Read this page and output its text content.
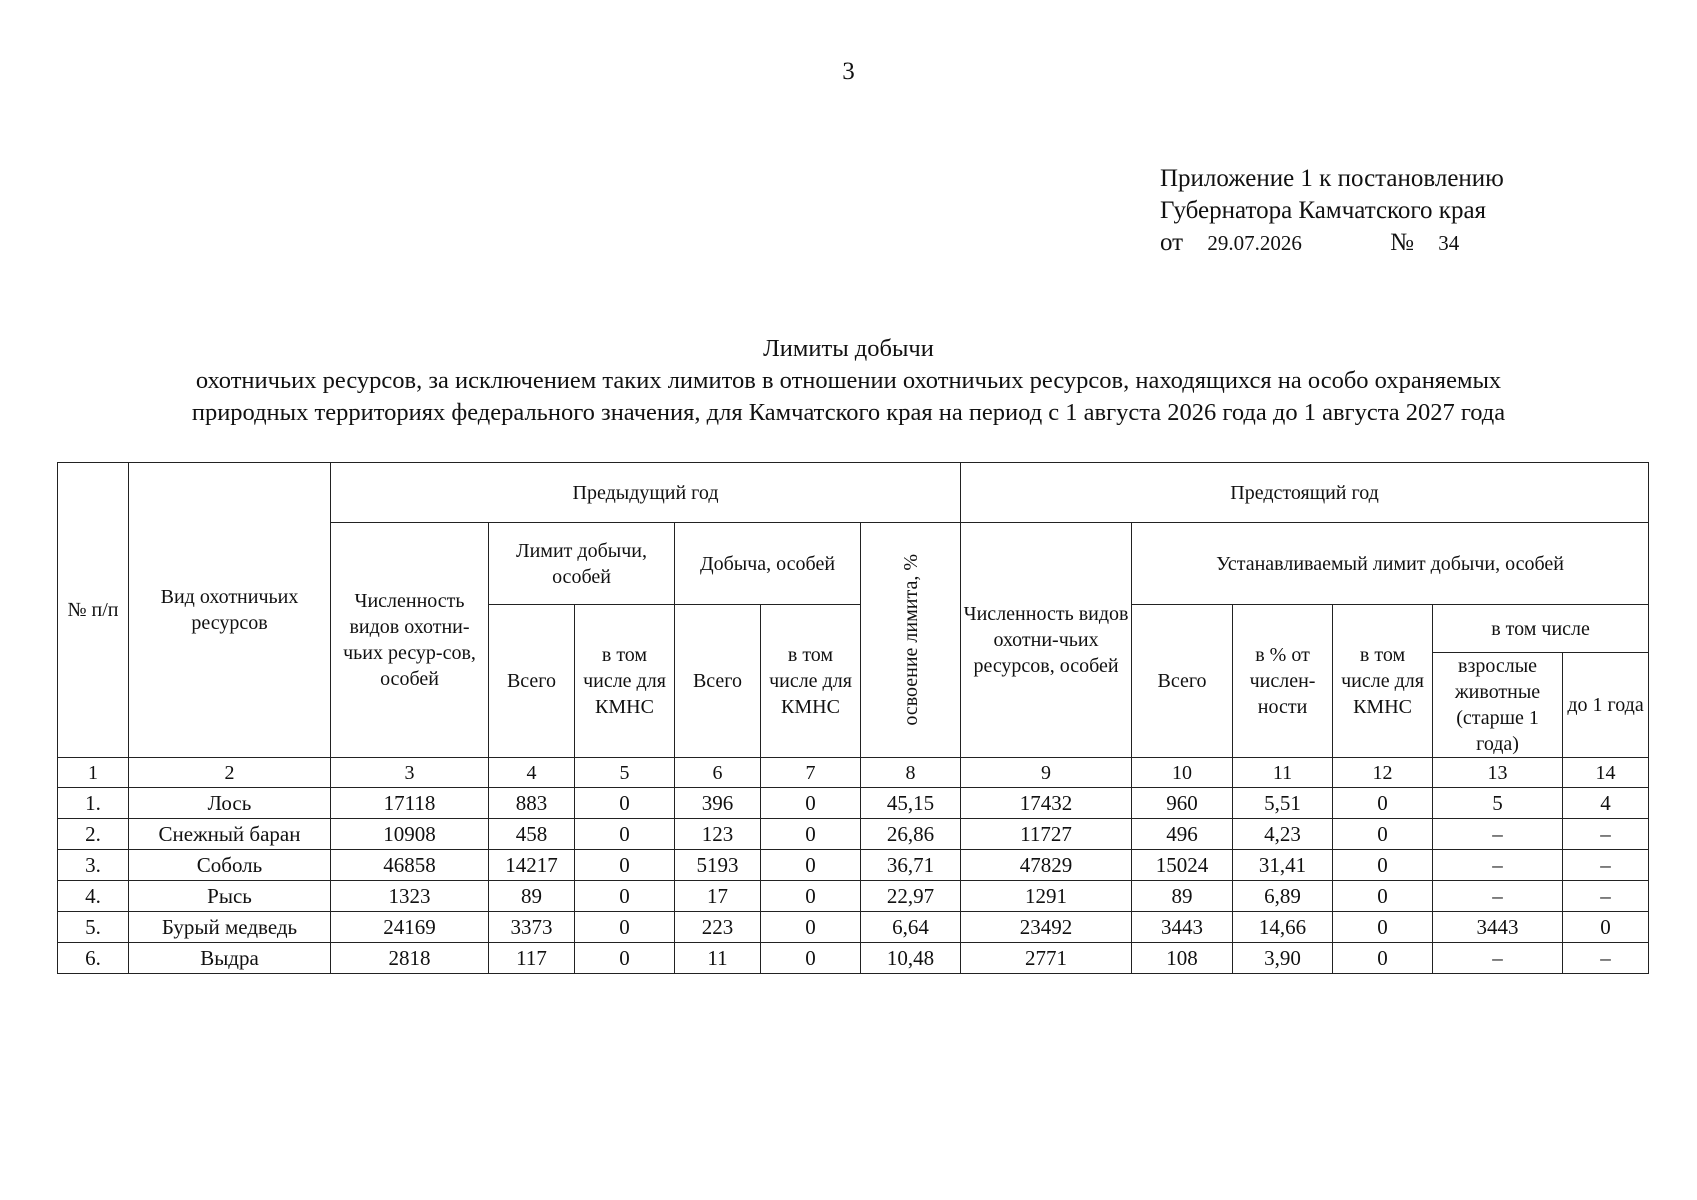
3
Приложение 1 к постановлению
Губернатора Камчатского края
от 29.07.2026	№ 34
Лимиты добычи
охотничьих ресурсов, за исключением таких лимитов в отношении охотничьих ресурсов, находящихся на особо охраняемых
природных территориях федерального значения, для Камчатского края на период с 1 августа 2026 года до 1 августа 2027 года
№ п/п	Вид охотничьих ресурсов	Предыдущий год						Предстоящий год					
		Численность видов охотни-чьих ресур-сов, особей	Лимит добычи, особей		Добыча, особей		освоение лимита, %	Численность видов охотни-чьих ресурсов, особей	Устанавливаемый лимит добычи, особей				
			Всего	в том числе для КМНС	Всего	в том числе для КМНС			Всего	в % от числен-ности	в том числе для КМНС	в том числе	
												взрослые животные (старше 1 года)	до 1 года
1	2	3	4	5	6	7	8	9	10	11	12	13	14
1.	Лось	17118	883	0	396	0	45,15	17432	960	5,51	0	5	4
2.	Снежный баран	10908	458	0	123	0	26,86	11727	496	4,23	0	–	–
3.	Соболь	46858	14217	0	5193	0	36,71	47829	15024	31,41	0	–	–
4.	Рысь	1323	89	0	17	0	22,97	1291	89	6,89	0	–	–
5.	Бурый медведь	24169	3373	0	223	0	6,64	23492	3443	14,66	0	3443	0
6.	Выдра	2818	117	0	11	0	10,48	2771	108	3,90	0	–	–
